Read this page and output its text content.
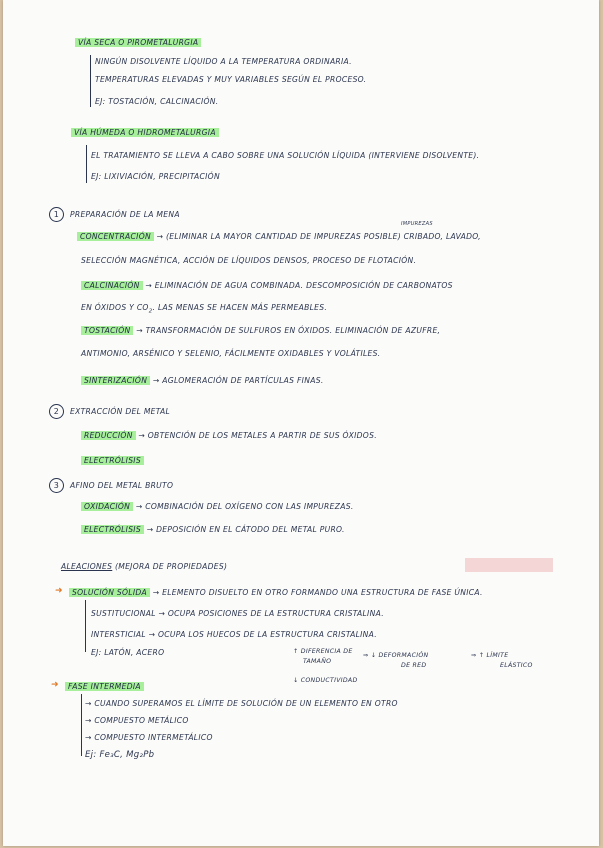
VÍA SECA O PIROMETALURGIA
NINGÚN DISOLVENTE LÍQUIDO A LA TEMPERATURA ORDINARIA.
TEMPERATURAS ELEVADAS Y MUY VARIABLES SEGÚN EL PROCESO.
EJ: TOSTACIÓN, CALCINACIÓN.
VÍA HÚMEDA O HIDROMETALURGIA
EL TRATAMIENTO SE LLEVA A CABO SOBRE UNA SOLUCIÓN LÍQUIDA (INTERVIENE DISOLVENTE).
EJ: LIXIVIACIÓN, PRECIPITACIÓN
1 PREPARACIÓN DE LA MENA
CONCENTRACIÓN → (ELIMINAR LA MAYOR CANTIDAD DE IMPUREZAS POSIBLE) CRIBADO, LAVADO,
IMPUREZAS
SELECCIÓN MAGNÉTICA, ACCIÓN DE LÍQUIDOS DENSOS, PROCESO DE FLOTACIÓN.
CALCINACIÓN → ELIMINACIÓN DE AGUA COMBINADA. DESCOMPOSICIÓN DE CARBONATOS
EN ÓXIDOS Y $CO_2$. LAS MENAS SE HACEN MÁS PERMEABLES.
TOSTACIÓN → TRANSFORMACIÓN DE SULFUROS EN ÓXIDOS. ELIMINACIÓN DE AZUFRE,
ANTIMONIO, ARSÉNICO Y SELENIO, FÁCILMENTE OXIDABLES Y VOLÁTILES.
SINTERIZACIÓN → AGLOMERACIÓN DE PARTÍCULAS FINAS.
2 EXTRACCIÓN DEL METAL
REDUCCIÓN → OBTENCIÓN DE LOS METALES A PARTIR DE SUS ÓXIDOS.
ELECTRÓLISIS
3 AFINO DEL METAL BRUTO
OXIDACIÓN → COMBINACIÓN DEL OXÍGENO CON LAS IMPUREZAS.
ELECTRÓLISIS → DEPOSICIÓN EN EL CÁTODO DEL METAL PURO.
ALEACIONES (MEJORA DE PROPIEDADES)
➜	SOLUCIÓN SÓLIDA → ELEMENTO DISUELTO EN OTRO FORMANDO UNA ESTRUCTURA DE FASE ÚNICA.
SUSTITUCIONAL → OCUPA POSICIONES DE LA ESTRUCTURA CRISTALINA.
INTERSTICIAL → OCUPA LOS HUECOS DE LA ESTRUCTURA CRISTALINA.
EJ: LATÓN, ACERO	↑ DIFERENCIA DE
TAMAÑO
⇒ ↓ DEFORMACIÓN
DE RED
⇒ ↑ LÍMITE
ELÁSTICO
↓ CONDUCTIVIDAD
➜	FASE INTERMEDIA
→ CUANDO SUPERAMOS EL LÍMITE DE SOLUCIÓN DE UN ELEMENTO EN OTRO
→ COMPUESTO METÁLICO
→ COMPUESTO INTERMETÁLICO
Ej: Fe₃C, Mg₂Pb
